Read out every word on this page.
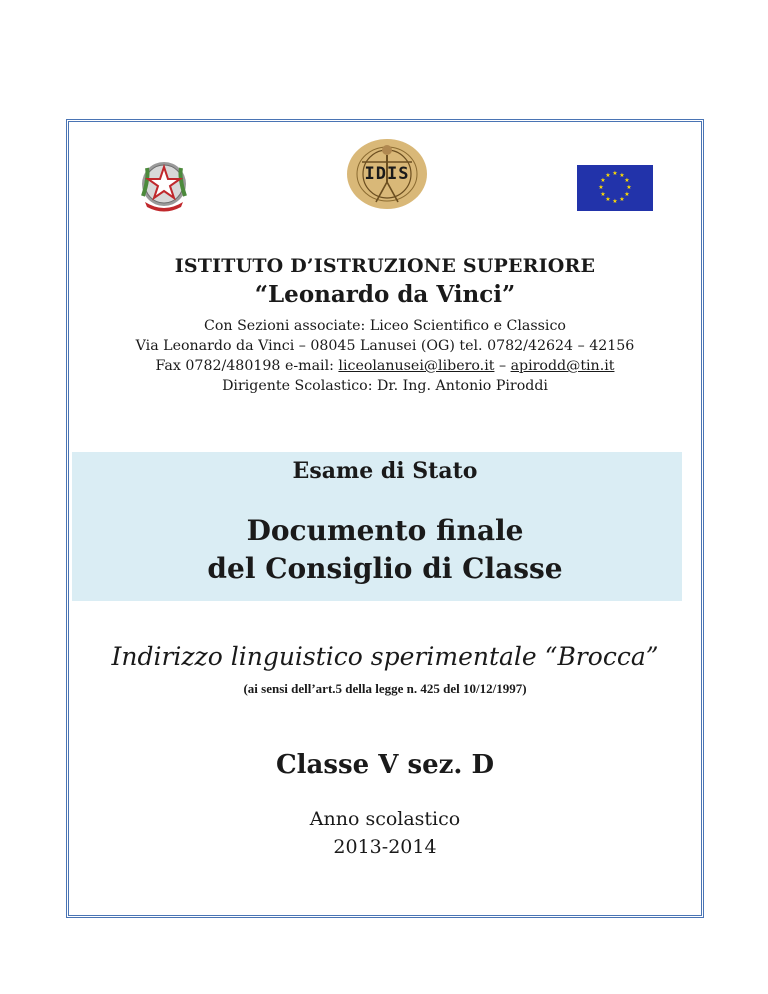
IDIS	★ ★
★
★
★
★
★
★
★
★
★
★
ISTITUTO D’ISTRUZIONE SUPERIORE
“Leonardo da Vinci”
Con Sezioni associate: Liceo Scientifico e Classico
Via Leonardo da Vinci – 08045 Lanusei (OG) tel. 0782/42624 – 42156
Fax 0782/480198 e-mail: liceolanusei@libero.it – apirodd@tin.it
Dirigente Scolastico: Dr. Ing. Antonio Piroddi
Esame di Stato
Documento finale
del Consiglio di Classe
Indirizzo linguistico sperimentale “Brocca”
(ai sensi dell’art.5 della legge n. 425 del 10/12/1997)
Classe V sez. D
Anno scolastico
2013-2014
